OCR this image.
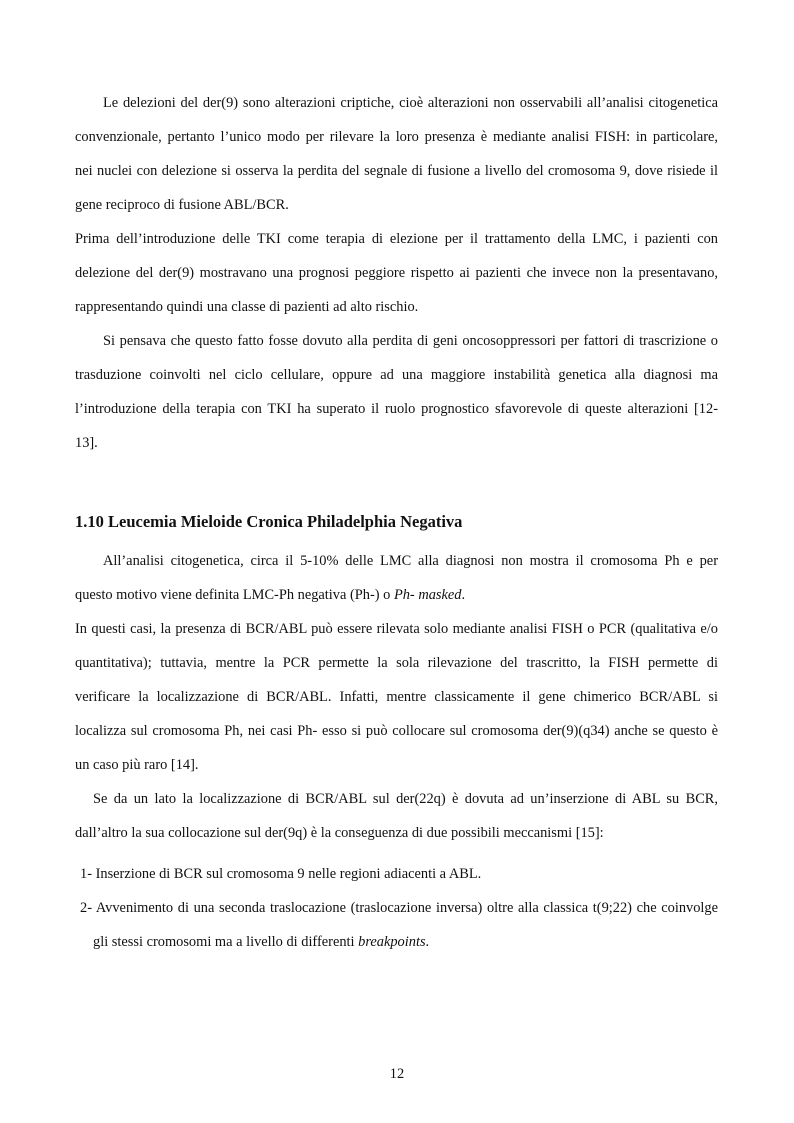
Le delezioni del der(9) sono alterazioni criptiche, cioè alterazioni non osservabili all’analisi citogenetica
convenzionale, pertanto l’unico modo per rilevare la loro presenza è mediante analisi FISH: in particolare,
nei nuclei con delezione si osserva la perdita del segnale di fusione a livello del cromosoma 9, dove risiede il
gene reciproco di fusione ABL/BCR.
Prima dell’introduzione delle TKI come terapia di elezione per il trattamento della LMC, i pazienti con
delezione del der(9) mostravano una prognosi peggiore rispetto ai pazienti che invece non la presentavano,
rappresentando quindi una classe di pazienti ad alto rischio.
Si pensava che questo fatto fosse dovuto alla perdita di geni oncosoppressori per fattori di trascrizione o
trasduzione coinvolti nel ciclo cellulare, oppure ad una maggiore instabilità genetica alla diagnosi ma
l’introduzione della terapia con TKI ha superato il ruolo prognostico sfavorevole di queste alterazioni [12-
13].
1.10 Leucemia Mieloide Cronica Philadelphia Negativa
All’analisi citogenetica, circa il 5-10% delle LMC alla diagnosi non mostra il cromosoma Ph e per
questo motivo viene definita LMC-Ph negativa (Ph-) o Ph- masked.
In questi casi, la presenza di BCR/ABL può essere rilevata solo mediante analisi FISH o PCR (qualitativa e/o
quantitativa); tuttavia, mentre la PCR permette la sola rilevazione del trascritto, la FISH permette di
verificare la localizzazione di BCR/ABL. Infatti, mentre classicamente il gene chimerico BCR/ABL si
localizza sul cromosoma Ph, nei casi Ph- esso si può collocare sul cromosoma der(9)(q34) anche se questo è
un caso più raro [14].
Se da un lato la localizzazione di BCR/ABL sul der(22q) è dovuta ad un’inserzione di ABL su BCR,
dall’altro la sua collocazione sul der(9q) è la conseguenza di due possibili meccanismi [15]:
1- Inserzione di BCR sul cromosoma 9 nelle regioni adiacenti a ABL.
2- Avvenimento di una seconda traslocazione (traslocazione inversa) oltre alla classica t(9;22) che coinvolge
gli stessi cromosomi ma a livello di differenti breakpoints.
12
